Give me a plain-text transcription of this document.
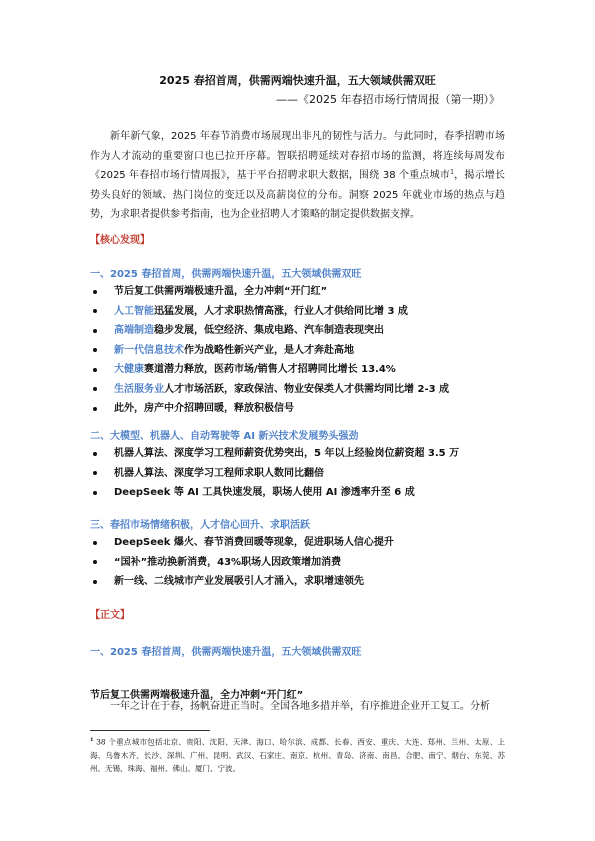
2025 春招首周，供需两端快速升温，五大领域供需双旺
——《2025 年春招市场行情周报（第一期）》

新年新气象，2025 年春节消费市场展现出非凡的韧性与活力。与此同时，春季招聘市场作为人才流动的重要窗口也已拉开序幕。智联招聘延续对春招市场的监测，将连续每周发布《2025 年春招市场行情周报》，基于平台招聘求职大数据，围绕 38 个重点城市$^1$，揭示增长势头良好的领域、热门岗位的变迁以及高薪岗位的分布。洞察 2025 年就业市场的热点与趋势，为求职者提供参考指南，也为企业招聘人才策略的制定提供数据支撑。

【核心发现】
一、2025 春招首周，供需两端快速升温，五大领域供需双旺
节后复工供需两端极速升温，全力冲刺“开门红”
人工智能迅猛发展，人才求职热情高涨，行业人才供给同比增 3 成
高端制造稳步发展，低空经济、集成电路、汽车制造表现突出
新一代信息技术作为战略性新兴产业，是人才奔赴高地
大健康赛道潜力释放，医药市场/销售人才招聘同比增长 13.4%
生活服务业人才市场活跃，家政保洁、物业安保类人才供需均同比增 2-3 成
此外，房产中介招聘回暖，释放积极信号
二、大模型、机器人、自动驾驶等 AI 新兴技术发展势头强劲
机器人算法、深度学习工程师薪资优势突出，5 年以上经验岗位薪资超 3.5 万
机器人算法、深度学习工程师求职人数同比翻倍
DeepSeek 等 AI 工具快速发展，职场人使用 AI 渗透率升至 6 成
三、春招市场情绪积极，人才信心回升、求职活跃
DeepSeek 爆火、春节消费回暖等现象，促进职场人信心提升
“国补”推动换新消费，43%职场人因政策增加消费
新一线、二线城市产业发展吸引人才涌入，求职增速领先
【正文】
一、2025 春招首周，供需两端快速升温，五大领域供需双旺
节后复工供需两端极速升温，全力冲刺“开门红”
一年之计在于春，扬帆奋进正当时。全国各地多措并举，有序推进企业开工复工。分析
$^1$ 38 个重点城市包括北京、贵阳、沈阳、天津、海口、哈尔滨、成都、长春、西安、重庆、大连、郑州、兰州、太原、上海、乌鲁木齐、长沙、深圳、广州、昆明、武汉、石家庄、南京、杭州、青岛、济南、南昌、合肥、南宁、烟台、东莞、苏州、无锡、珠海、福州、佛山、厦门、宁波。
